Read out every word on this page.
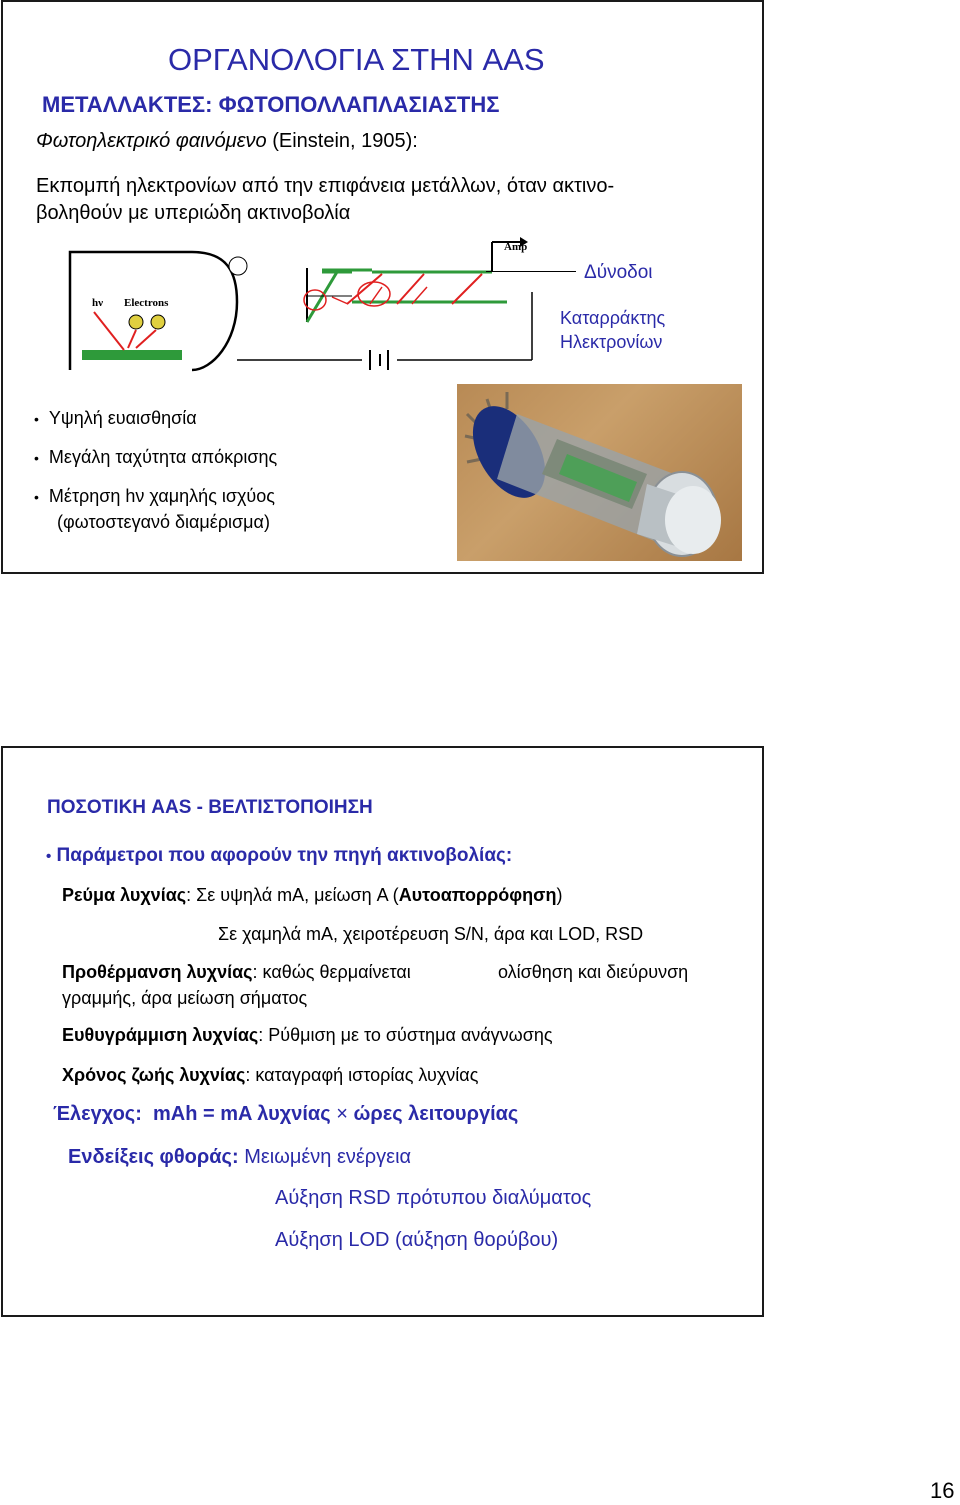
ΟΡΓΑΝΟΛΟΓΙΑ ΣΤΗΝ AAS
ΜΕΤΑΛΛΑΚΤΕΣ: ΦΩΤΟΠΟΛΛΑΠΛΑΣΙΑΣΤΗΣ
Φωτοηλεκτρικό φαινόμενο (Einstein, 1905):
Εκπομπή ηλεκτρονίων από την επιφάνεια μετάλλων, όταν ακτινο-
βοληθούν με υπεριώδη ακτινοβολία
hν Electrons
Amp
Δύνοδοι
Καταρράκτης
Ηλεκτρονίων
• Υψηλή ευαισθησία
• Μεγάλη ταχύτητα απόκρισης
• Μέτρηση hν χαμηλής ισχύος
(φωτοστεγανό διαμέρισμα)
ΠΟΣΟΤΙΚΗ AAS - ΒΕΛΤΙΣΤΟΠΟΙΗΣΗ
• Παράμετροι που αφορούν την πηγή ακτινοβολίας:
Ρεύμα λυχνίας: Σε υψηλά mA, μείωση A (Αυτοαπορρόφηση)
Σε χαμηλά mA, χειροτέρευση S/N, άρα και LOD, RSD
Προθέρμανση λυχνίας: καθώς θερμαίνεται	ολίσθηση και διεύρυνση
γραμμής, άρα μείωση σήματος
Ευθυγράμμιση λυχνίας: Ρύθμιση με το σύστημα ανάγνωσης
Χρόνος ζωής λυχνίας: καταγραφή ιστορίας λυχνίας
Έλεγχος: mAh = mA λυχνίας × ώρες λειτουργίας
Ενδείξεις φθοράς: Μειωμένη ενέργεια
Αύξηση RSD πρότυπου διαλύματος
Αύξηση LOD (αύξηση θορύβου)
16
